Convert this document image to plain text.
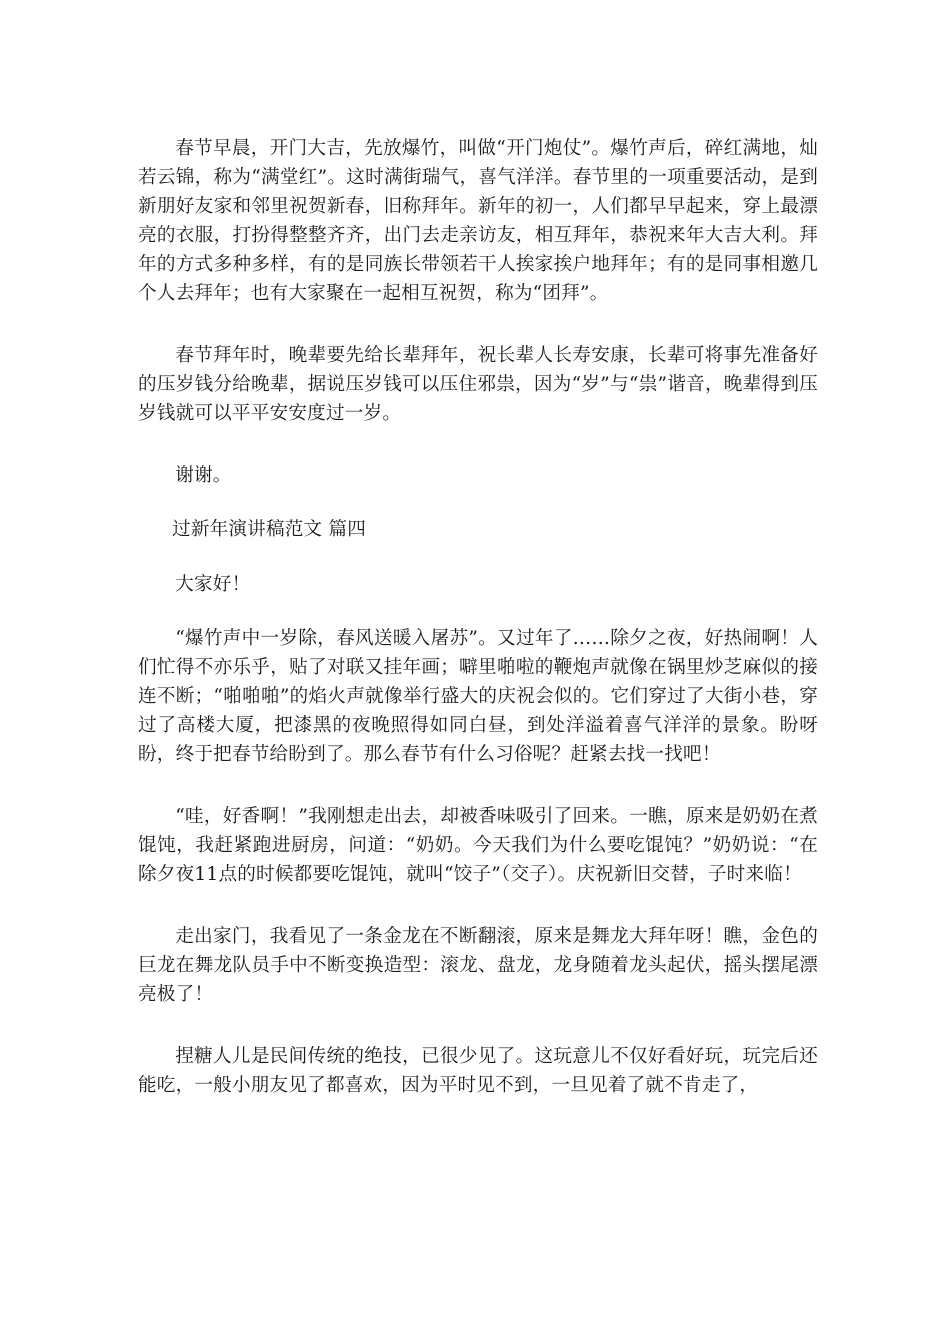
春节早晨，开门大吉，先放爆竹，叫做“开门炮仗”。爆竹声后，碎红满地，灿若云锦，称为“满堂红”。这时满街瑞气，喜气洋洋。春节里的一项重要活动，是到新朋好友家和邻里祝贺新春，旧称拜年。新年的初一，人们都早早起来，穿上最漂亮的衣服，打扮得整整齐齐，出门去走亲访友，相互拜年，恭祝来年大吉大利。拜年的方式多种多样，有的是同族长带领若干人挨家挨户地拜年；有的是同事相邀几个人去拜年；也有大家聚在一起相互祝贺，称为“团拜”。

春节拜年时，晚辈要先给长辈拜年，祝长辈人长寿安康，长辈可将事先准备好的压岁钱分给晚辈，据说压岁钱可以压住邪祟，因为“岁”与“祟”谐音，晚辈得到压岁钱就可以平平安安度过一岁。

谢谢。

过新年演讲稿范文 篇四

大家好！

“爆竹声中一岁除，春风送暖入屠苏”。又过年了……除夕之夜，好热闹啊！人们忙得不亦乐乎，贴了对联又挂年画；噼里啪啦的鞭炮声就像在锅里炒芝麻似的接连不断；“啪啪啪”的焰火声就像举行盛大的庆祝会似的。它们穿过了大街小巷，穿过了高楼大厦，把漆黑的夜晚照得如同白昼，到处洋溢着喜气洋洋的景象。盼呀盼，终于把春节给盼到了。那么春节有什么习俗呢？赶紧去找一找吧！

“哇，好香啊！”我刚想走出去，却被香味吸引了回来。一瞧，原来是奶奶在煮馄饨，我赶紧跑进厨房，问道：“奶奶。今天我们为什么要吃馄饨？”奶奶说：“在除夕夜11点的时候都要吃馄饨，就叫“饺子”（交子）。庆祝新旧交替，子时来临！

走出家门，我看见了一条金龙在不断翻滚，原来是舞龙大拜年呀！瞧，金色的巨龙在舞龙队员手中不断变换造型：滚龙、盘龙，龙身随着龙头起伏，摇头摆尾漂亮极了！

捏糖人儿是民间传统的绝技，已很少见了。这玩意儿不仅好看好玩，玩完后还能吃，一般小朋友见了都喜欢，因为平时见不到，一旦见着了就不肯走了，
